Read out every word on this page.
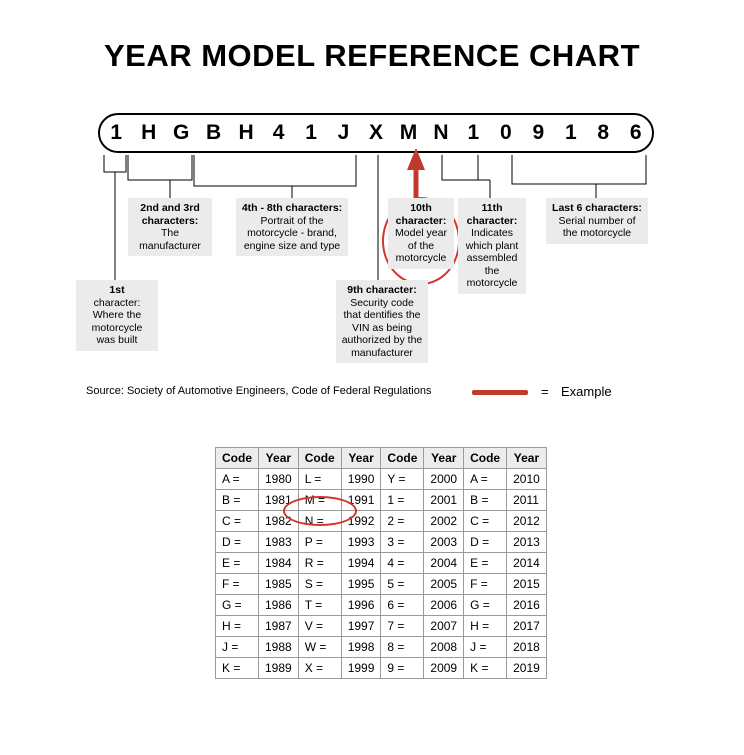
YEAR MODEL REFERENCE CHART
1 H G B H 4 1 J X M N 1 0 9 1 8 6
1st
character: Where the motorcycle was built
2nd and 3rd characters:
The manufacturer
4th - 8th characters:
Portrait of the motorcycle - brand, engine size and type
9th character: Security code that dentifies the VIN as being authorized by the manufacturer
10th character:
Model year of the motorcycle
11th character:
Indicates which plant assembled the motorcycle
Last 6 characters:
Serial number of the motorcycle
Source: Society of Automotive Engineers, Code of Federal Regulations	= Example
Code	Year	Code	Year	Code	Year	Code	Year
A =	1980	L =	1990	Y =	2000	A =	2010
B =	1981	M =	1991	1 =	2001	B =	2011
C =	1982	N =	1992	2 =	2002	C =	2012
D =	1983	P =	1993	3 =	2003	D =	2013
E =	1984	R =	1994	4 =	2004	E =	2014
F =	1985	S =	1995	5 =	2005	F =	2015
G =	1986	T =	1996	6 =	2006	G =	2016
H =	1987	V =	1997	7 =	2007	H =	2017
J =	1988	W =	1998	8 =	2008	J =	2018
K =	1989	X =	1999	9 =	2009	K =	2019
